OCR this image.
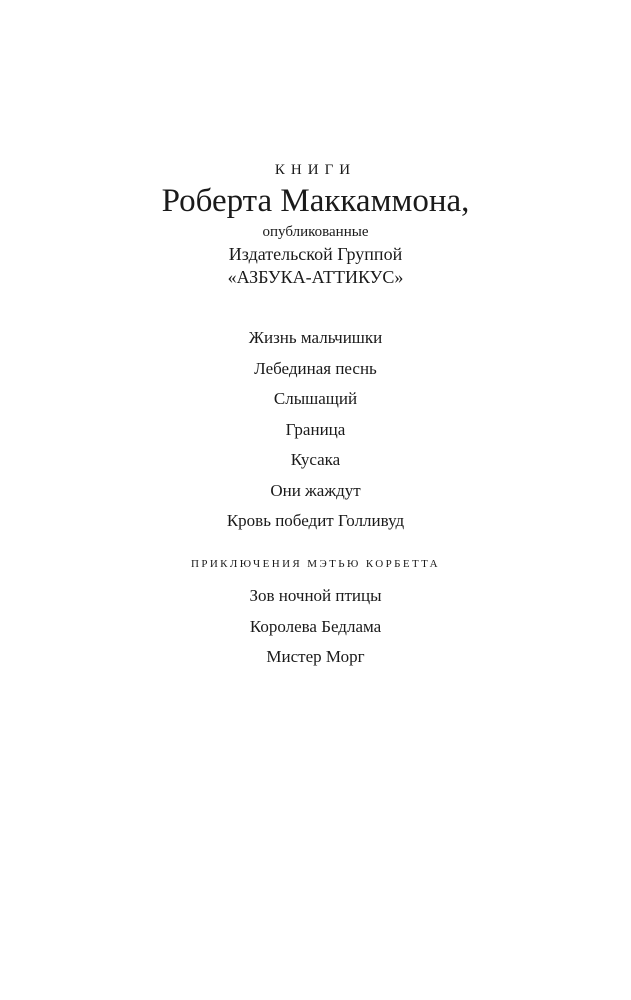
КНИГИ
Роберта Маккаммона,
опубликованные
Издательской Группой
«АЗБУКА-АТТИКУС»
Жизнь мальчишки
Лебединая песнь
Слышащий
Граница
Кусака
Они жаждут
Кровь победит Голливуд
ПРИКЛЮЧЕНИЯ МЭТЬЮ КОРБЕТТА
Зов ночной птицы
Королева Бедлама
Мистер Морг
